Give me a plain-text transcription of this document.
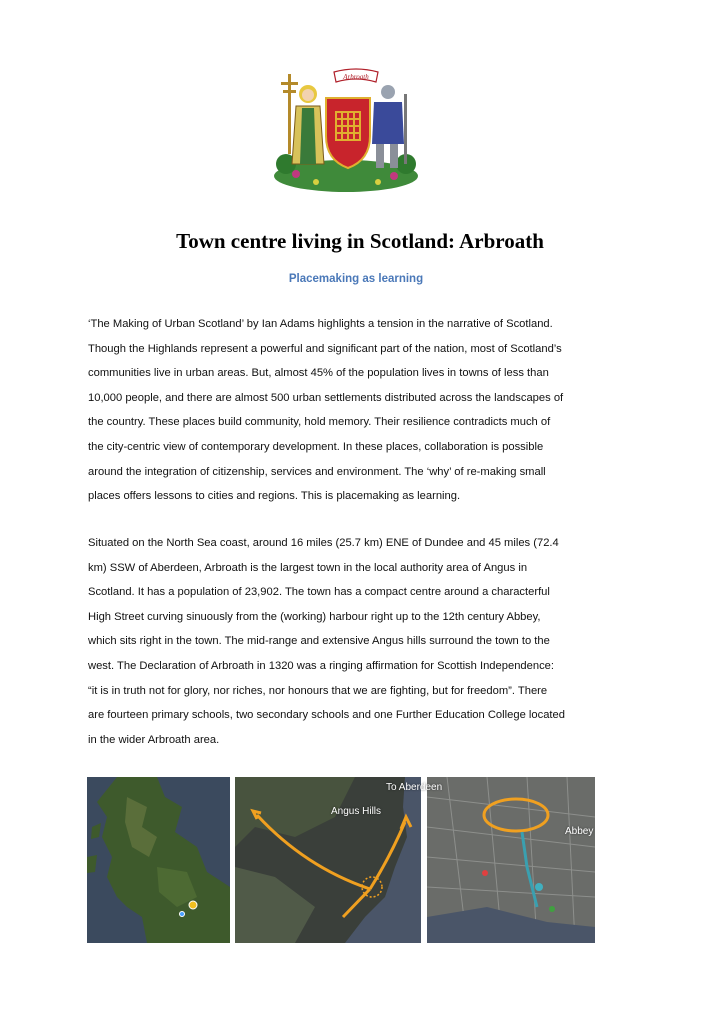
Arbroath
Town centre living in Scotland: Arbroath
Placemaking as learning
‘The Making of Urban Scotland’ by Ian Adams highlights a tension in the narrative of Scotland.
Though the Highlands represent a powerful and significant part of the nation, most of Scotland’s
communities live in urban areas. But, almost 45% of the population lives in towns of less than
10,000 people, and there are almost 500 urban settlements distributed across the landscapes of
the country. These places build community, hold memory. Their resilience contradicts much of
the city-centric view of contemporary development. In these places, collaboration is possible
around the integration of citizenship, services and environment. The ‘why’ of re-making small
places offers lessons to cities and regions. This is placemaking as learning.
Situated on the North Sea coast, around 16 miles (25.7 km) ENE of Dundee and 45 miles (72.4
km) SSW of Aberdeen, Arbroath is the largest town in the local authority area of Angus in
Scotland. It has a population of 23,902. The town has a compact centre around a characterful
High Street curving sinuously from the (working) harbour right up to the 12th century Abbey,
which sits right in the town. The mid-range and extensive Angus hills surround the town to the
west. The Declaration of Arbroath in 1320 was a ringing affirmation for Scottish Independence:
“it is in truth not for glory, nor riches, nor honours that we are fighting, but for freedom”. There
are fourteen primary schools, two secondary schools and one Further Education College located
in the wider Arbroath area.
Angus Hills
Abbey
To Aberdeen
